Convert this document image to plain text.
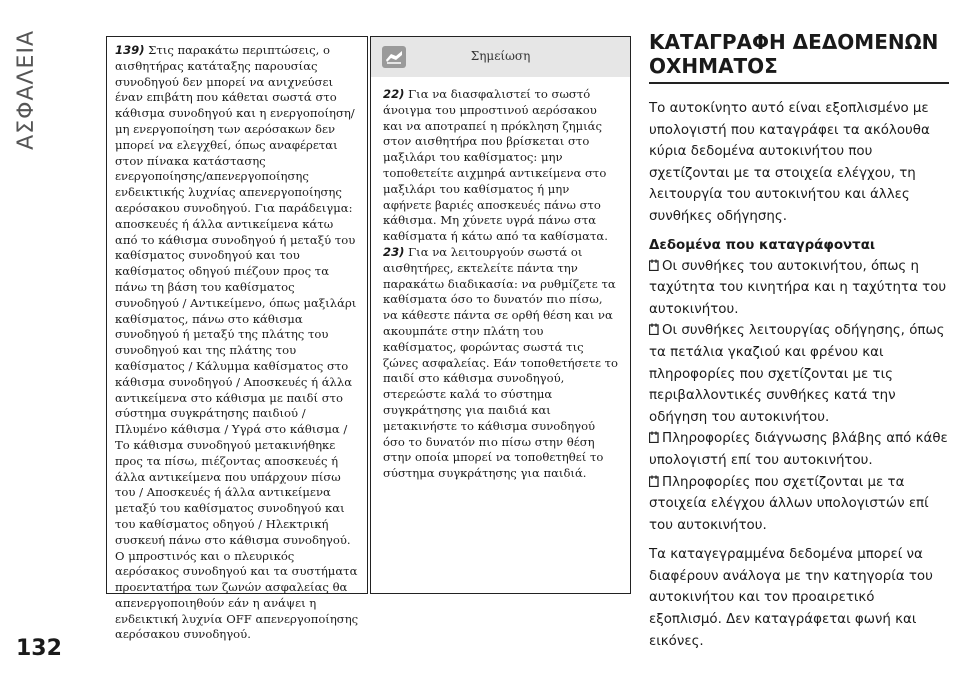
ΑΣΦΑΛΕΙΑ	139) Στις παρακάτω περιπτώσεις, ο αισθητήρας κατάταξης παρουσίας συνοδηγού δεν μπορεί να ανιχνεύσει έναν επιβάτη που κάθεται σωστά στο κάθισμα συνοδηγού και η ενεργοποίηση/μη ενεργοποίηση των αερόσακων δεν μπορεί να ελεγχθεί, όπως αναφέρεται στον πίνακα κατάστασης ενεργοποίησης/απενεργοποίησης ενδεικτικής λυχνίας απενεργοποίησης αερόσακου συνοδηγού. Για παράδειγμα: αποσκευές ή άλλα αντικείμενα κάτω από το κάθισμα συνοδηγού ή μεταξύ του καθίσματος συνοδηγού και του καθίσματος οδηγού πιέζουν προς τα πάνω τη βάση του καθίσματος συνοδηγού / Αντικείμενο, όπως μαξιλάρι καθίσματος, πάνω στο κάθισμα συνοδηγού ή μεταξύ της πλάτης του συνοδηγού και της πλάτης του καθίσματος / Κάλυμμα καθίσματος στο κάθισμα συνοδηγού / Αποσκευές ή άλλα αντικείμενα στο κάθισμα με παιδί στο σύστημα συγκράτησης παιδιού / Πλυμένο κάθισμα / Υγρά στο κάθισμα / Το κάθισμα συνοδηγού μετακινήθηκε προς τα πίσω, πιέζοντας αποσκευές ή άλλα αντικείμενα που υπάρχουν πίσω του / Αποσκευές ή άλλα αντικείμενα μεταξύ του καθίσματος συνοδηγού και του καθίσματος οδηγού / Ηλεκτρική συσκευή πάνω στο κάθισμα συνοδηγού. Ο μπροστινός και ο πλευρικός αερόσακος συνοδηγού και τα συστήματα προεντατήρα των ζωνών ασφαλείας θα απενεργοποιηθούν εάν η ανάψει η ενδεικτική λυχνία OFF απενεργοποίησης αερόσακου συνοδηγού.

Σημείωση

22) Για να διασφαλιστεί το σωστό άνοιγμα του μπροστινού αερόσακου και να αποτραπεί η πρόκληση ζημιάς στον αισθητήρα που βρίσκεται στο μαξιλάρι του καθίσματος: μην τοποθετείτε αιχμηρά αντικείμενα στο μαξιλάρι του καθίσματος ή μην αφήνετε βαριές αποσκευές πάνω στο κάθισμα. Μη χύνετε υγρά πάνω στα καθίσματα ή κάτω από τα καθίσματα.

23) Για να λειτουργούν σωστά οι αισθητήρες, εκτελείτε πάντα την παρακάτω διαδικασία: να ρυθμίζετε τα καθίσματα όσο το δυνατόν πιο πίσω, να κάθεστε πάντα σε ορθή θέση και να ακουμπάτε στην πλάτη του καθίσματος, φορώντας σωστά τις ζώνες ασφαλείας. Εάν τοποθετήσετε το παιδί στο κάθισμα συνοδηγού, στερεώστε καλά το σύστημα συγκράτησης για παιδιά και μετακινήστε το κάθισμα συνοδηγού όσο το δυνατόν πιο πίσω στην θέση στην οποία μπορεί να τοποθετηθεί το σύστημα συγκράτησης για παιδιά.

ΚΑΤΑΓΡΑΦΗ ΔΕΔΟΜΕΝΩΝ ΟΧΗΜΑΤΟΣ

Το αυτοκίνητο αυτό είναι εξοπλισμένο με υπολογιστή που καταγράφει τα ακόλουθα κύρια δεδομένα αυτοκινήτου που σχετίζονται με τα στοιχεία ελέγχου, τη λειτουργία του αυτοκινήτου και άλλες συνθήκες οδήγησης.

Δεδομένα που καταγράφονται

Οι συνθήκες του αυτοκινήτου, όπως η ταχύτητα του κινητήρα και η ταχύτητα του αυτοκινήτου.

Οι συνθήκες λειτουργίας οδήγησης, όπως τα πετάλια γκαζιού και φρένου και πληροφορίες που σχετίζονται με τις περιβαλλοντικές συνθήκες κατά την οδήγηση του αυτοκινήτου.

Πληροφορίες διάγνωσης βλάβης από κάθε υπολογιστή επί του αυτοκινήτου.

Πληροφορίες που σχετίζονται με τα στοιχεία ελέγχου άλλων υπολογιστών επί του αυτοκινήτου.

Τα καταγεγραμμένα δεδομένα μπορεί να διαφέρουν ανάλογα με την κατηγορία του αυτοκινήτου και τον προαιρετικό εξοπλισμό. Δεν καταγράφεται φωνή και εικόνες.

132
